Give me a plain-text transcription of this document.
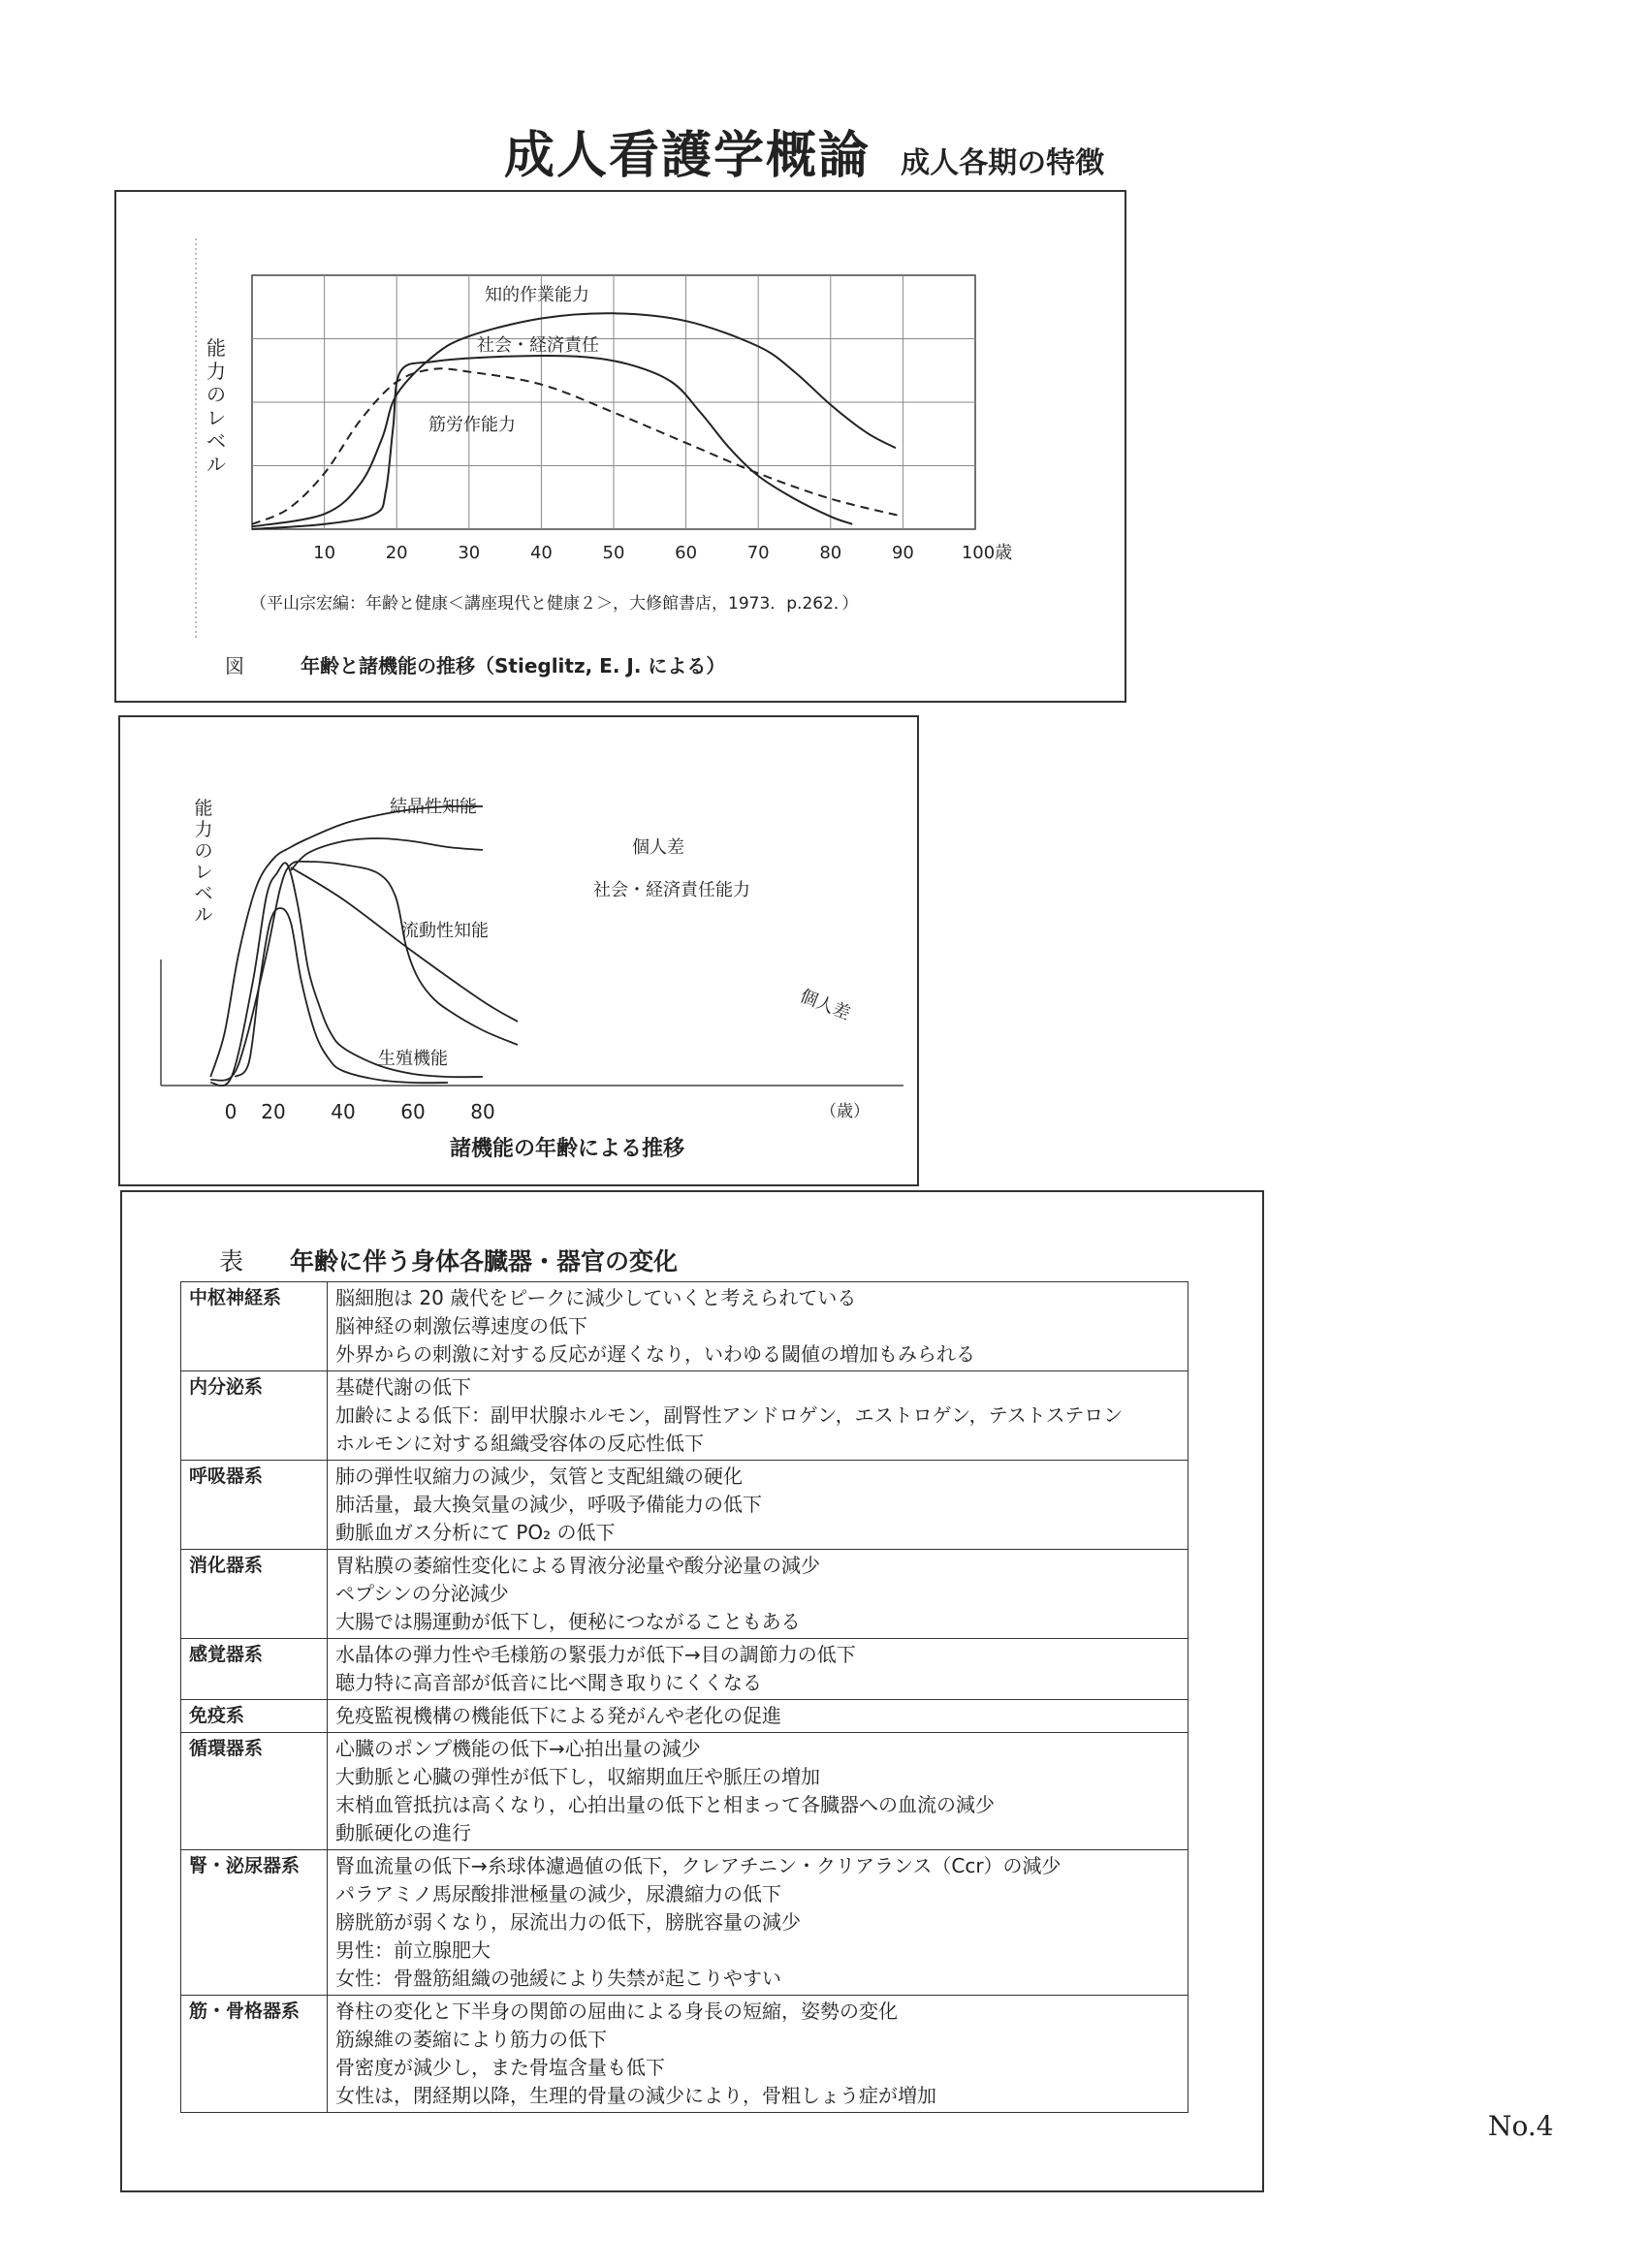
成人看護学概論 成人各期の特徴
10	20	30	40	50	60	70	80	90	100歳
能
力
の
レ
ベ
ル
知的作業能力
社会・経済責任
筋労作能力
（平山宗宏編：年齢と健康＜講座現代と健康２＞，大修館書店，1973．p.262．）
図	年齢と諸機能の推移（Stieglitz, E. J. による）
0 20 40 60 80
能
力
の
レ
ベ
ル
（歳）
結晶性知能
個人差
社会・経済責任能力
流動性知能
生殖機能
個人差
諸機能の年齢による推移
表 年齢に伴う身体各臓器・器官の変化
中枢神経系	脳細胞は 20 歳代をピークに減少していくと考えられている
脳神経の刺激伝導速度の低下
外界からの刺激に対する反応が遅くなり，いわゆる閾値の増加もみられる

内分泌系	基礎代謝の低下
加齢による低下：副甲状腺ホルモン，副腎性アンドロゲン，エストロゲン，テストステロン
ホルモンに対する組織受容体の反応性低下

呼吸器系	肺の弾性収縮力の減少，気管と支配組織の硬化
肺活量，最大換気量の減少，呼吸予備能力の低下
動脈血ガス分析にて PO₂ の低下

消化器系	胃粘膜の萎縮性変化による胃液分泌量や酸分泌量の減少
ペプシンの分泌減少
大腸では腸運動が低下し，便秘につながることもある

感覚器系	水晶体の弾力性や毛様筋の緊張力が低下→目の調節力の低下
聴力特に高音部が低音に比べ聞き取りにくくなる

免疫系	免疫監視機構の機能低下による発がんや老化の促進

循環器系	心臓のポンプ機能の低下→心拍出量の減少
大動脈と心臓の弾性が低下し，収縮期血圧や脈圧の増加
末梢血管抵抗は高くなり，心拍出量の低下と相まって各臓器への血流の減少
動脈硬化の進行

腎・泌尿器系	腎血流量の低下→糸球体濾過値の低下，クレアチニン・クリアランス（Ccr）の減少
パラアミノ馬尿酸排泄極量の減少，尿濃縮力の低下
膀胱筋が弱くなり，尿流出力の低下，膀胱容量の減少
男性：前立腺肥大
女性：骨盤筋組織の弛緩により失禁が起こりやすい

筋・骨格器系	脊柱の変化と下半身の関節の屈曲による身長の短縮，姿勢の変化
筋線維の萎縮により筋力の低下
骨密度が減少し，また骨塩含量も低下
女性は，閉経期以降，生理的骨量の減少により，骨粗しょう症が増加
No.4
